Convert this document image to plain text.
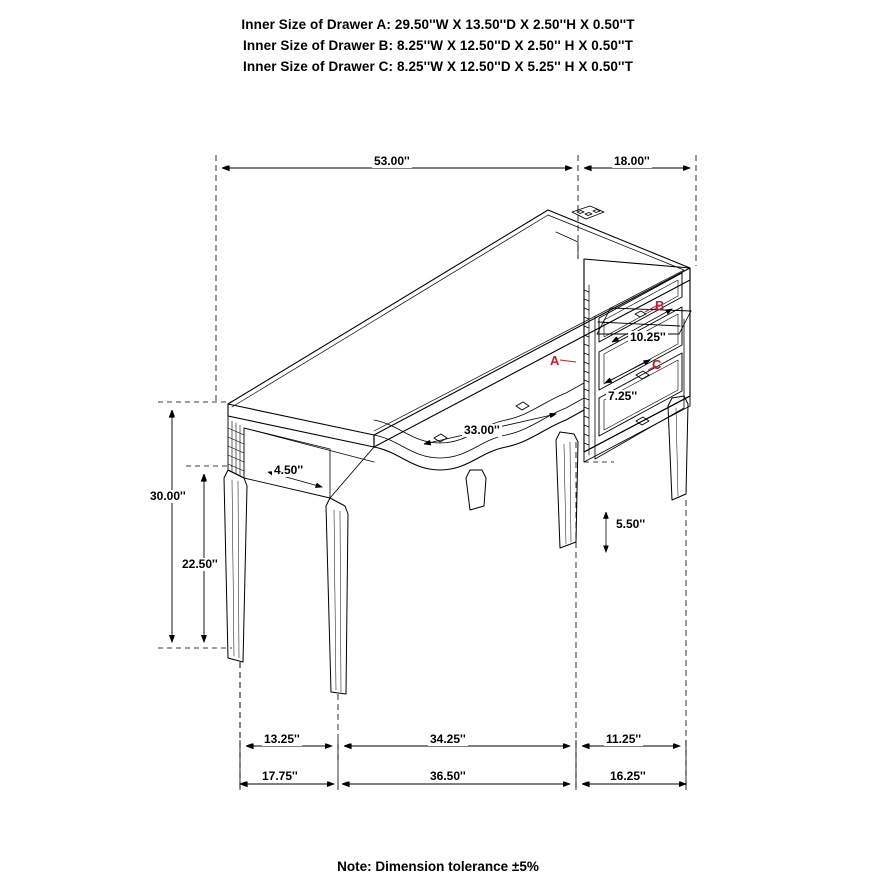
Inner Size of Drawer A: 29.50''W X 13.50''D X 2.50''H X 0.50''T
Inner Size of Drawer B: 8.25''W X 12.50''D X 2.50'' H X 0.50''T
Inner Size of Drawer C: 8.25''W X 12.50''D X 5.25'' H X 0.50''T
53.00''	18.00''
10.25''
7.25''
33.00''
4.50''
30.00''
22.50''
5.50''
13.25''	34.25''	11.25''
17.75''	36.50''	16.25''
A
B
C
Note: Dimension tolerance ±5%
